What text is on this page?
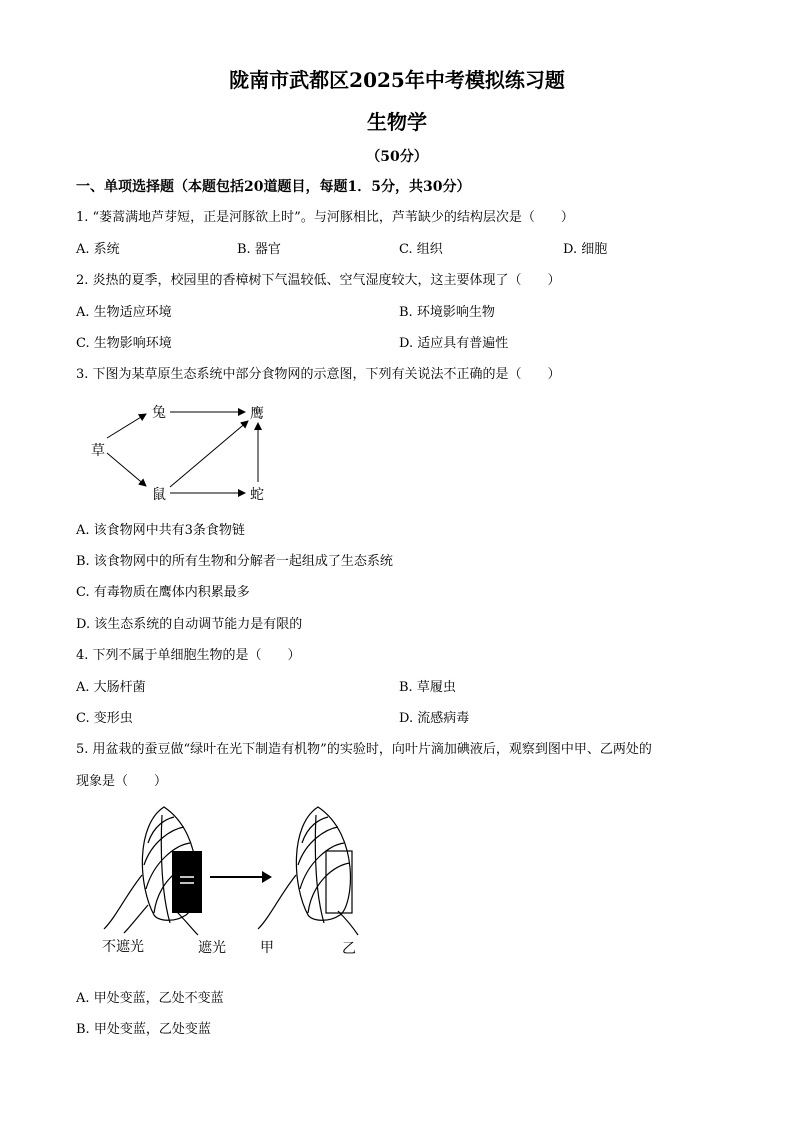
陇南市武都区2025年中考模拟练习题
生物学
（50分）
一、单项选择题（本题包括20道题目，每题1．5分，共30分）
1. “蒌蒿满地芦芽短，正是河豚欲上时”。与河豚相比，芦苇缺少的结构层次是（　　）
A. 系统	B. 器官	C. 组织	D. 细胞
2. 炎热的夏季，校园里的香樟树下气温较低、空气湿度较大，这主要体现了（　　）
A. 生物适应环境	B. 环境影响生物
C. 生物影响环境	D. 适应具有普遍性
3. 下图为某草原生态系统中部分食物网的示意图，下列有关说法不正确的是（　　）
草
兔
鼠
鹰
蛇
A. 该食物网中共有3条食物链
B. 该食物网中的所有生物和分解者一起组成了生态系统
C. 有毒物质在鹰体内积累最多
D. 该生态系统的自动调节能力是有限的
4. 下列不属于单细胞生物的是（　　）
A. 大肠杆菌	B. 草履虫
C. 变形虫	D. 流感病毒
5. 用盆栽的蚕豆做“绿叶在光下制造有机物”的实验时，向叶片滴加碘液后，观察到图中甲、乙两处的
现象是（　　）
不遮光	遮光 甲	乙
A. 甲处变蓝，乙处不变蓝
B. 甲处变蓝，乙处变蓝
